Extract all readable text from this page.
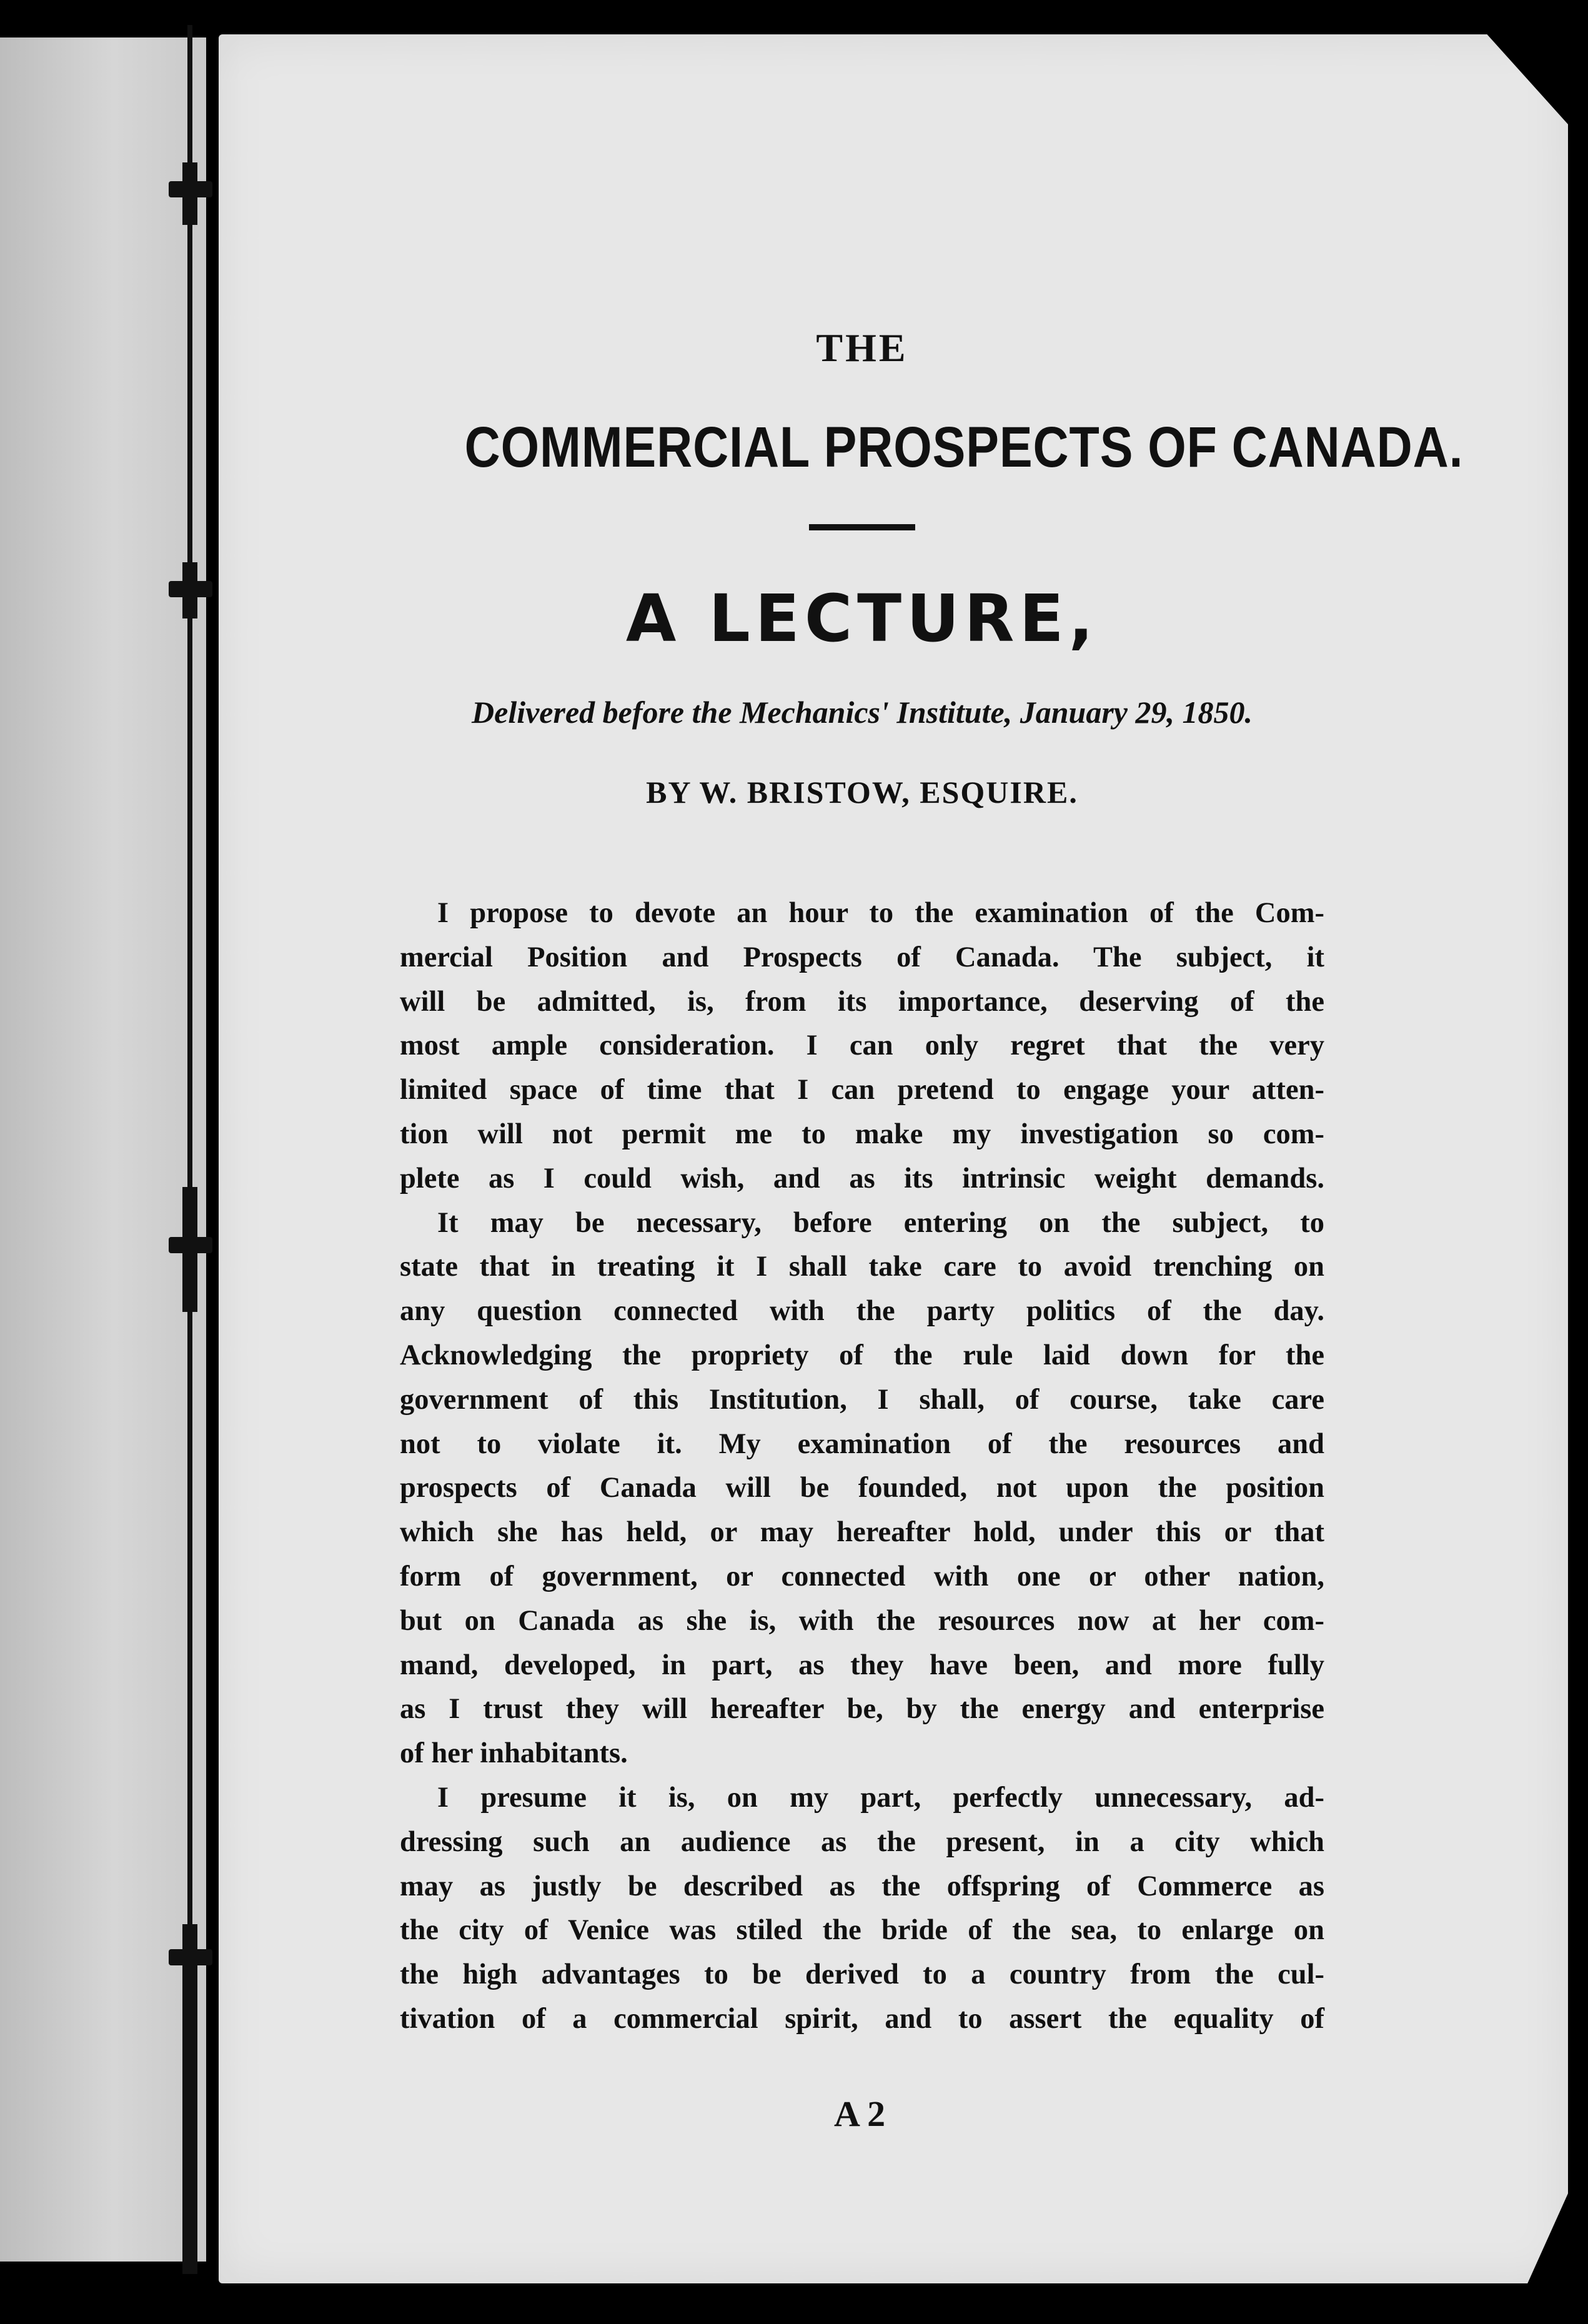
THE

COMMERCIAL PROSPECTS OF CANADA.
A LECTURE,

Delivered before the Mechanics' Institute, January 29, 1850.

BY W. BRISTOW, ESQUIRE.

I propose to devote an hour to the examination of the Com-
mercial Position and Prospects of Canada. The subject, it
will be admitted, is, from its importance, deserving of the
most ample consideration. I can only regret that the very
limited space of time that I can pretend to engage your atten-
tion will not permit me to make my investigation so com-
plete as I could wish, and as its intrinsic weight demands.

It may be necessary, before entering on the subject, to
state that in treating it I shall take care to avoid trenching on
any question connected with the party politics of the day.
Acknowledging the propriety of the rule laid down for the
government of this Institution, I shall, of course, take care
not to violate it. My examination of the resources and
prospects of Canada will be founded, not upon the position
which she has held, or may hereafter hold, under this or that
form of government, or connected with one or other nation,
but on Canada as she is, with the resources now at her com-
mand, developed, in part, as they have been, and more fully
as I trust they will hereafter be, by the energy and enterprise
of her inhabitants.

I presume it is, on my part, perfectly unnecessary, ad-
dressing such an audience as the present, in a city which
may as justly be described as the offspring of Commerce as
the city of Venice was stiled the bride of the sea, to enlarge on
the high advantages to be derived to a country from the cul-
tivation of a commercial spirit, and to assert the equality of

A 2
